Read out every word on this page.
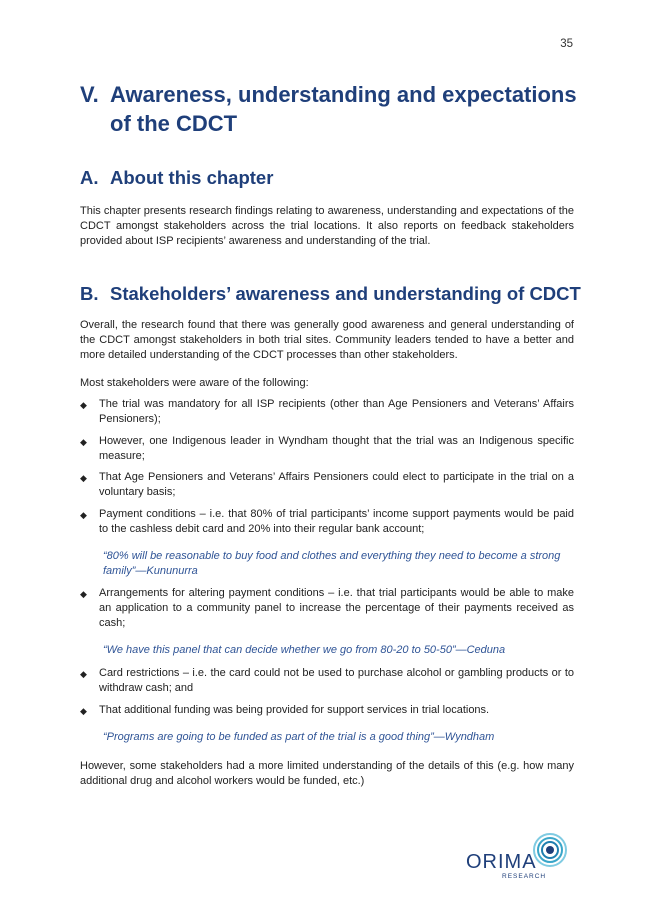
35
V. Awareness, understanding and expectations of the CDCT
A. About this chapter

This chapter presents research findings relating to awareness, understanding and expectations of the CDCT amongst stakeholders across the trial locations. It also reports on feedback stakeholders provided about ISP recipients’ awareness and understanding of the trial.

B. Stakeholders’ awareness and understanding of CDCT

Overall, the research found that there was generally good awareness and general understanding of the CDCT amongst stakeholders in both trial sites. Community leaders tended to have a better and more detailed understanding of the CDCT processes than other stakeholders.

Most stakeholders were aware of the following:

◆ The trial was mandatory for all ISP recipients (other than Age Pensioners and Veterans’ Affairs Pensioners);
◆ However, one Indigenous leader in Wyndham thought that the trial was an Indigenous specific measure;
◆ That Age Pensioners and Veterans’ Affairs Pensioners could elect to participate in the trial on a voluntary basis;
◆ Payment conditions – i.e. that 80% of trial participants’ income support payments would be paid to the cashless debit card and 20% into their regular bank account;
“80% will be reasonable to buy food and clothes and everything they need to become a strong family”—Kununurra
◆ Arrangements for altering payment conditions – i.e. that trial participants would be able to make an application to a community panel to increase the percentage of their payments received as cash;
“We have this panel that can decide whether we go from 80-20 to 50-50”—Ceduna
◆ Card restrictions – i.e. the card could not be used to purchase alcohol or gambling products or to withdraw cash; and
◆ That additional funding was being provided for support services in trial locations.
“Programs are going to be funded as part of the trial is a good thing”—Wyndham

However, some stakeholders had a more limited understanding of the details of this (e.g. how many additional drug and alcohol workers would be funded, etc.)

ORIMA
RESEARCH
